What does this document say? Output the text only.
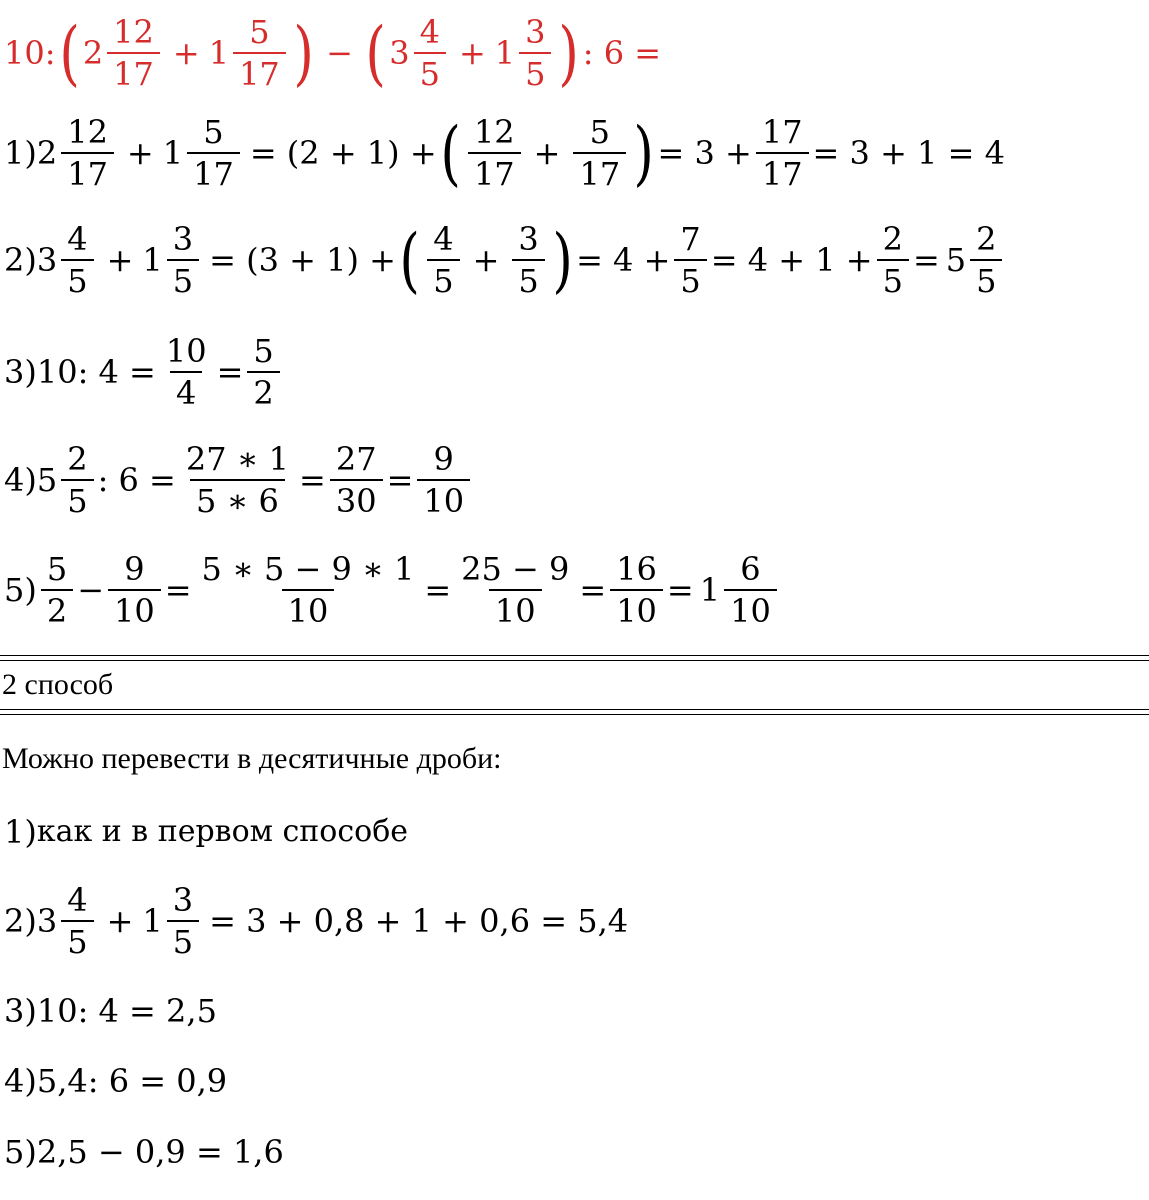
10: ( $2 \frac{12}{17} + 1 \frac{5}{17}$ ) − ( $3 \frac{4}{5} + 1 \frac{3}{5}$ ) : 6 =
1) $2 \frac{12}{17} + 1 \frac{5}{17} = (2 + 1)$ + ( $\frac{12}{17} + \frac{5}{17}$ ) = $3 + \frac{17}{17} = 3 + 1 = 4$
2) $3 \frac{4}{5} + 1 \frac{3}{5} = (3 + 1)$ + ( $\frac{4}{5} + \frac{3}{5}$ ) = $4 + \frac{7}{5} = 4 + 1 + \frac{2}{5} = 5 \frac{2}{5}$
3) 10: $4 = \frac{10}{4} = \frac{5}{2}$
4) $5 \frac{2}{5}$ : $6 = \frac{27 ∗ 1}{5 ∗ 6} = \frac{27}{30} = \frac{9}{10}$
$5) \frac{5}{2} - \frac{9}{10} = \frac{5 ∗ 5 - 9 ∗ 1}{10} = \frac{25 - 9}{10} = \frac{16}{10} = 1 \frac{6}{10}$
2 способ
Можно перевести в десятичные дроби:
1) как и в первом способе
2) $3 \frac{4}{5} + 1 \frac{3}{5} = 3 + 0,8 + 1 + 0,6 = 5,4$
3) 10: 4 = 2,5
4) 5,4: 6 = 0,9
5) 2,5 − 0,9 = 1,6
